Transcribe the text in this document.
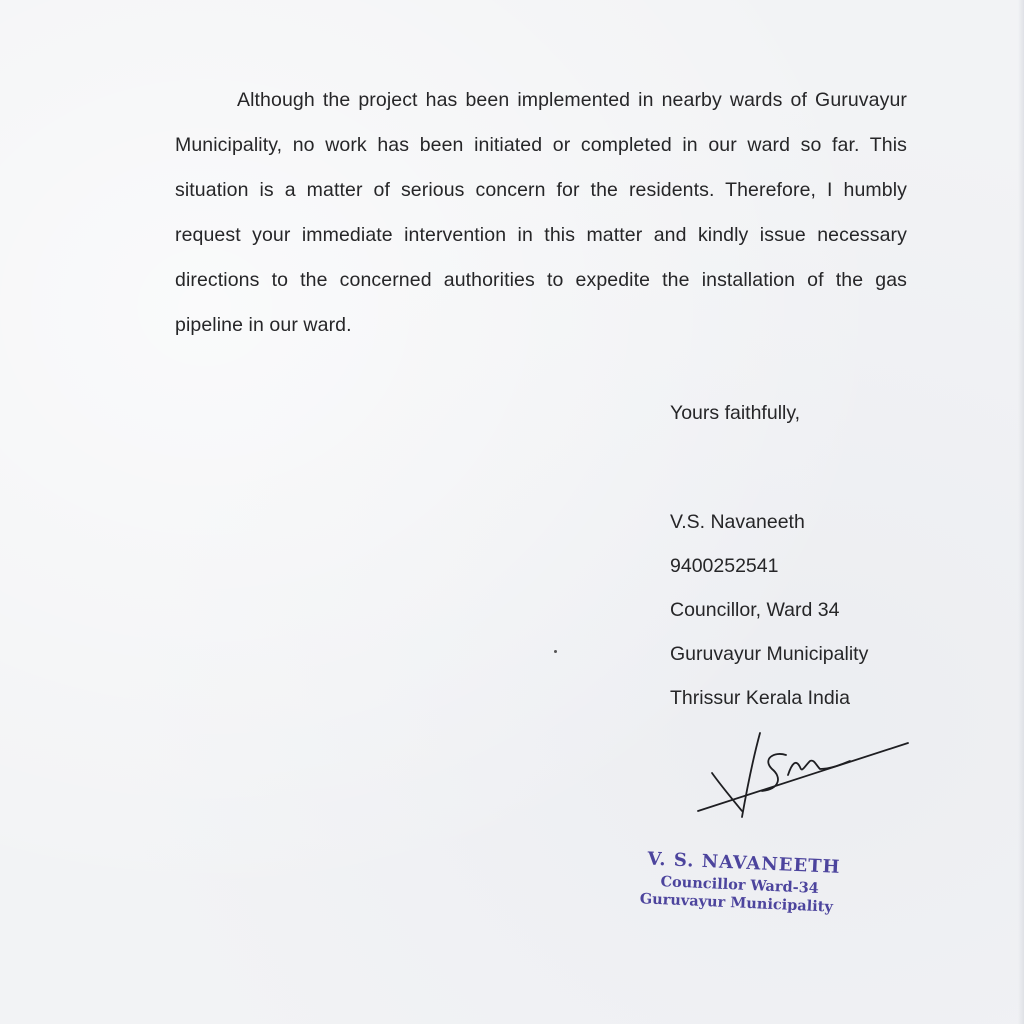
Although the project has been implemented in nearby wards of Guruvayur Municipality, no work has been initiated or completed in our ward so far. This situation is a matter of serious concern for the residents. Therefore, I humbly request your immediate intervention in this matter and kindly issue necessary directions to the concerned authorities to expedite the installation of the gas pipeline in our ward.

Yours faithfully,
V.S. Navaneeth
9400252541
Councillor, Ward 34
Guruvayur Municipality
Thrissur Kerala India
V. S. NAVANEETH
Councillor Ward-34
Guruvayur Municipality
